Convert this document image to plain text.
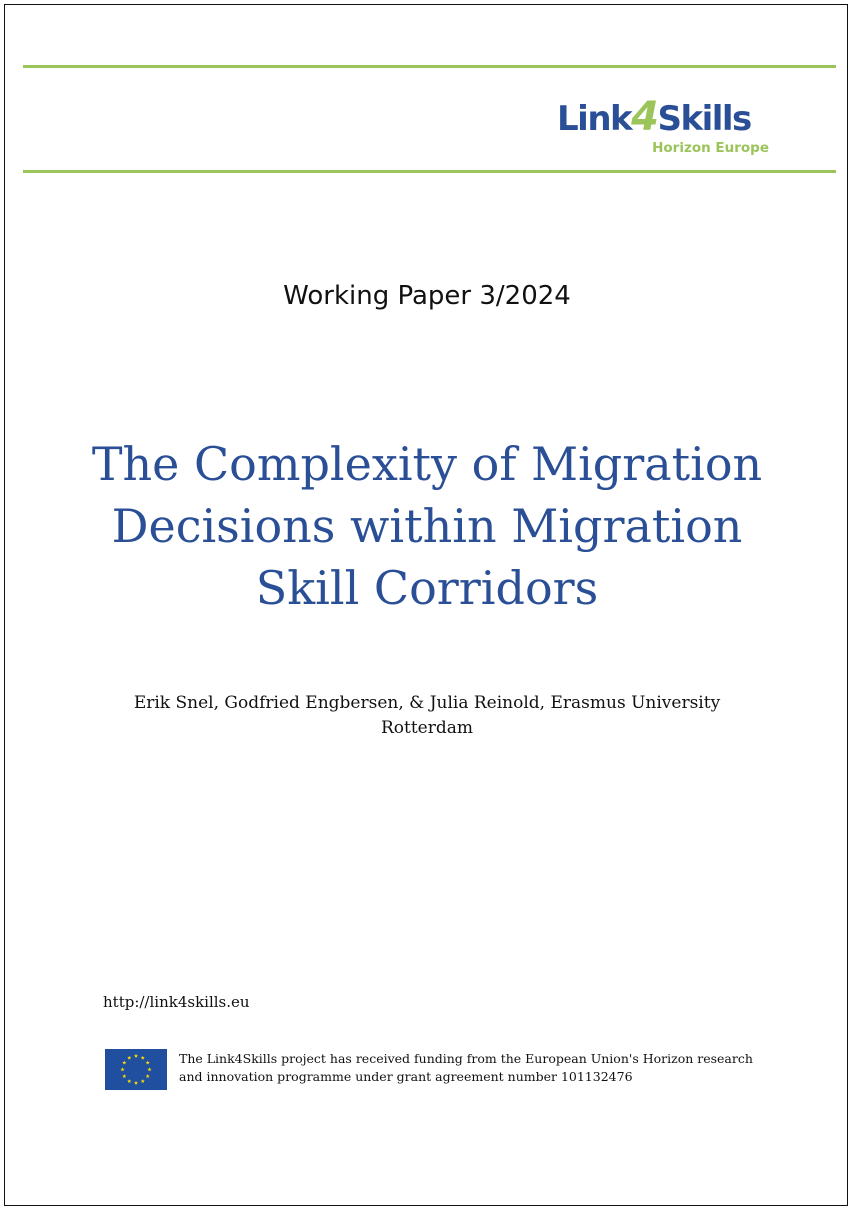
Link4Skills
Horizon Europe
Working Paper 3/2024
The Complexity of Migration
Decisions within Migration
Skill Corridors
Erik Snel, Godfried Engbersen, & Julia Reinold, Erasmus University
Rotterdam
http://link4skills.eu
The Link4Skills project has received funding from the European Union's Horizon research
and innovation programme under grant agreement number 101132476
